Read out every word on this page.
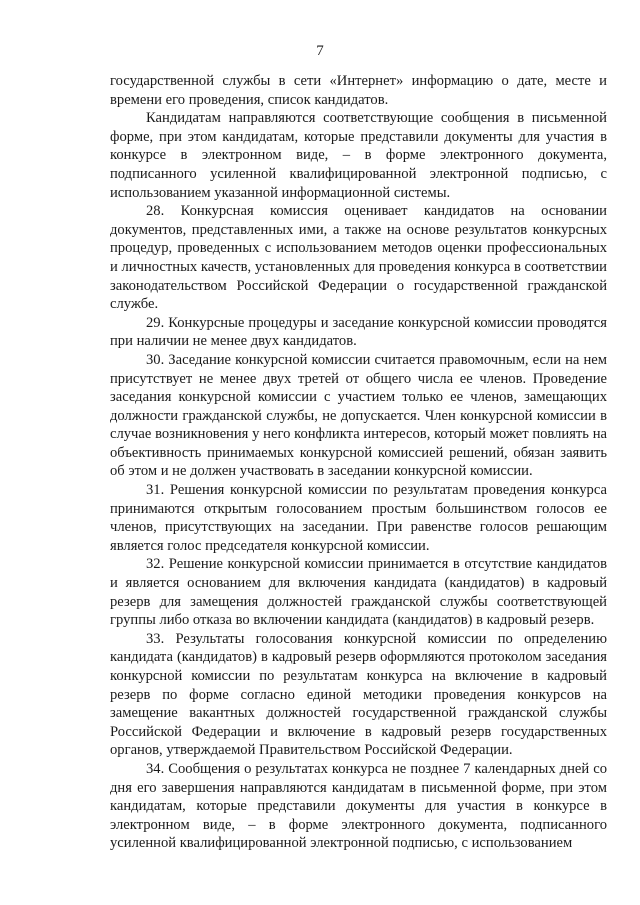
7

государственной службы в сети «Интернет» информацию о дате, месте и времени его проведения, список кандидатов.

Кандидатам направляются соответствующие сообщения в письменной форме, при этом кандидатам, которые представили документы для участия в конкурсе в электронном виде, – в форме электронного документа, подписанного усиленной квалифицированной электронной подписью, с использованием указанной информационной системы.

28. Конкурсная комиссия оценивает кандидатов на основании документов, представленных ими, а также на основе результатов конкурсных процедур, проведенных с использованием методов оценки профессиональных и личностных качеств, установленных для проведения конкурса в соответствии законодательством Российской Федерации о государственной гражданской службе.

29. Конкурсные процедуры и заседание конкурсной комиссии проводятся при наличии не менее двух кандидатов.

30. Заседание конкурсной комиссии считается правомочным, если на нем присутствует не менее двух третей от общего числа ее членов. Проведение заседания конкурсной комиссии с участием только ее членов, замещающих должности гражданской службы, не допускается. Член конкурсной комиссии в случае возникновения у него конфликта интересов, который может повлиять на объективность принимаемых конкурсной комиссией решений, обязан заявить об этом и не должен участвовать в заседании конкурсной комиссии.

31. Решения конкурсной комиссии по результатам проведения конкурса принимаются открытым голосованием простым большинством голосов ее членов, присутствующих на заседании. При равенстве голосов решающим является голос председателя конкурсной комиссии.

32. Решение конкурсной комиссии принимается в отсутствие кандидатов и является основанием для включения кандидата (кандидатов) в кадровый резерв для замещения должностей гражданской службы соответствующей группы либо отказа во включении кандидата (кандидатов) в кадровый резерв.

33. Результаты голосования конкурсной комиссии по определению кандидата (кандидатов) в кадровый резерв оформляются протоколом заседания конкурсной комиссии по результатам конкурса на включение в кадровый резерв по форме согласно единой методики проведения конкурсов на замещение вакантных должностей государственной гражданской службы Российской Федерации и включение в кадровый резерв государственных органов, утверждаемой Правительством Российской Федерации.

34. Сообщения о результатах конкурса не позднее 7 календарных дней со дня его завершения направляются кандидатам в письменной форме, при этом кандидатам, которые представили документы для участия в конкурсе в электронном виде, – в форме электронного документа, подписанного усиленной квалифицированной электронной подписью, с использованием
